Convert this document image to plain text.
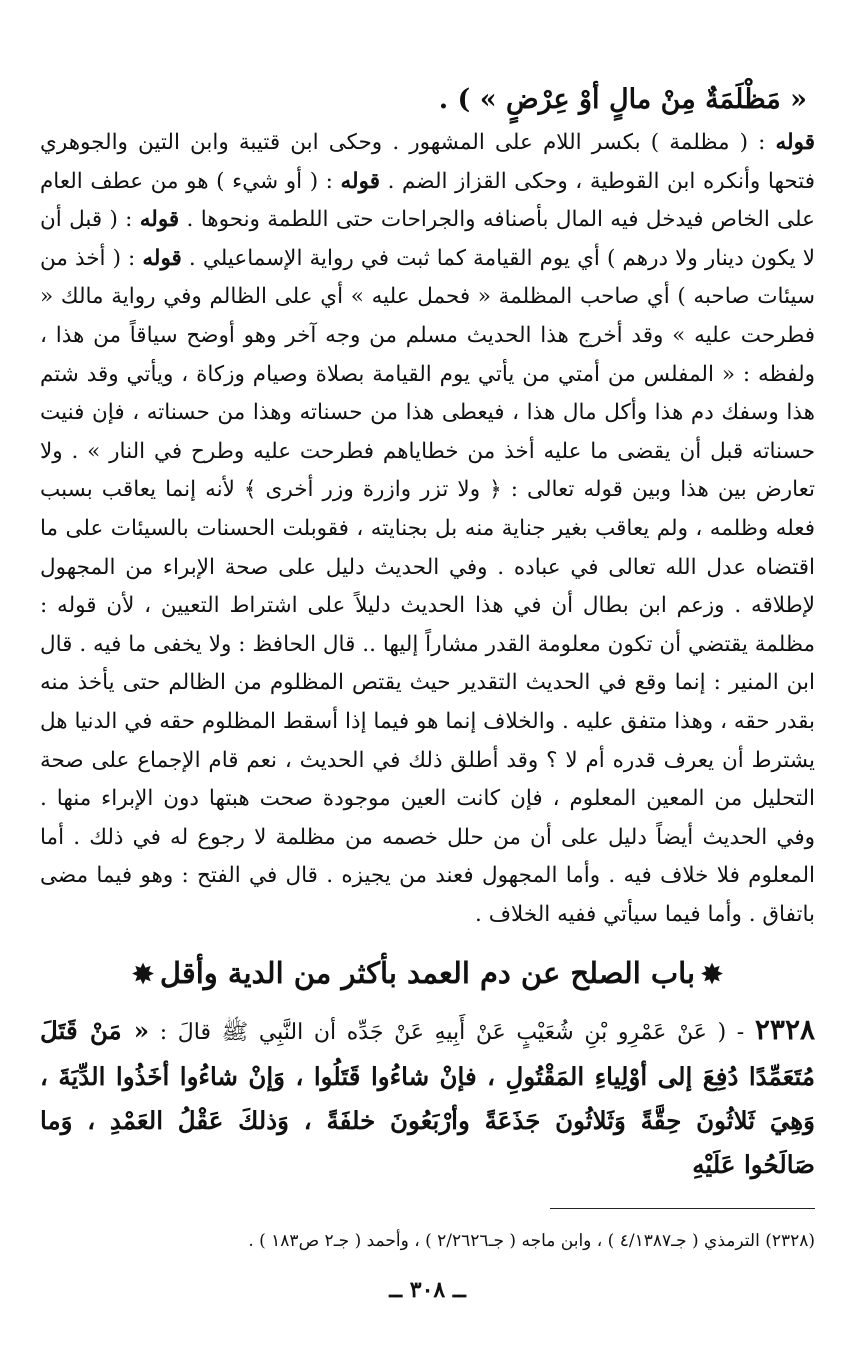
« مَظْلَمَةٌ مِنْ مالٍ أوْ عِرْضٍ » ) .

قوله : ( مظلمة ) بكسر اللام على المشهور . وحكى ابن قتيبة وابن التين والجوهري فتحها وأنكره ابن القوطية ، وحكى القزاز الضم . قوله : ( أو شيء ) هو من عطف العام على الخاص فيدخل فيه المال بأصنافه والجراحات حتى اللطمة ونحوها . قوله : ( قبل أن لا يكون دينار ولا درهم ) أي يوم القيامة كما ثبت في رواية الإسماعيلي . قوله : ( أخذ من سيئات صاحبه ) أي صاحب المظلمة « فحمل عليه » أي على الظالم وفي رواية مالك « فطرحت عليه » وقد أخرج هذا الحديث مسلم من وجه آخر وهو أوضح سياقاً من هذا ، ولفظه : « المفلس من أمتي من يأتي يوم القيامة بصلاة وصيام وزكاة ، ويأتي وقد شتم هذا وسفك دم هذا وأكل مال هذا ، فيعطى هذا من حسناته وهذا من حسناته ، فإن فنيت حسناته قبل أن يقضى ما عليه أخذ من خطاياهم فطرحت عليه وطرح في النار » . ولا تعارض بين هذا وبين قوله تعالى : ﴿ ولا تزر وازرة وزر أخرى ﴾ لأنه إنما يعاقب بسبب فعله وظلمه ، ولم يعاقب بغير جناية منه بل بجنايته ، فقوبلت الحسنات بالسيئات على ما اقتضاه عدل الله تعالى في عباده . وفي الحديث دليل على صحة الإبراء من المجهول لإطلاقه . وزعم ابن بطال أن في هذا الحديث دليلاً على اشتراط التعيين ، لأن قوله : مظلمة يقتضي أن تكون معلومة القدر مشاراً إليها .. قال الحافظ : ولا يخفى ما فيه . قال ابن المنير : إنما وقع في الحديث التقدير حيث يقتص المظلوم من الظالم حتى يأخذ منه بقدر حقه ، وهذا متفق عليه . والخلاف إنما هو فيما إذا أسقط المظلوم حقه في الدنيا هل يشترط أن يعرف قدره أم لا ؟ وقد أطلق ذلك في الحديث ، نعم قام الإجماع على صحة التحليل من المعين المعلوم ، فإن كانت العين موجودة صحت هبتها دون الإبراء منها . وفي الحديث أيضاً دليل على أن من حلل خصمه من مظلمة لا رجوع له في ذلك . أما المعلوم فلا خلاف فيه . وأما المجهول فعند من يجيزه . قال في الفتح : وهو فيما مضى باتفاق . وأما فيما سيأتي ففيه الخلاف .

✸باب الصلح عن دم العمد بأكثر من الدية وأقل✸

٢٣٢٨ - ( عَنْ عَمْرِو بْنِ شُعَيْبٍ عَنْ أَبِيهِ عَنْ جَدِّه أن النَّبِي ﷺ قالَ : « مَنْ قَتَلَ مُتَعَمِّدًا دُفِعَ إلى أوْلِياءِ المَقْتُولِ ، فإنْ شاءُوا قَتَلُوا ، وَإنْ شاءُوا أخَذُوا الدِّيَةَ ، وَهِيَ ثَلاثُونَ حِقَّةً وَثَلاثُونَ جَذَعَةً وأرْبَعُونَ خلفَةً ، وَذلكَ عَقْلُ العَمْدِ ، وَما صَالَحُوا عَلَيْهِ

(٢٣٢٨) الترمذي ( جـ٤/١٣٨٧ ) ، وابن ماجه ( جـ٢/٢٦٢٦ ) ، وأحمد ( جـ٢ ص١٨٣ ) .

ــ ٣٠٨ ــ
